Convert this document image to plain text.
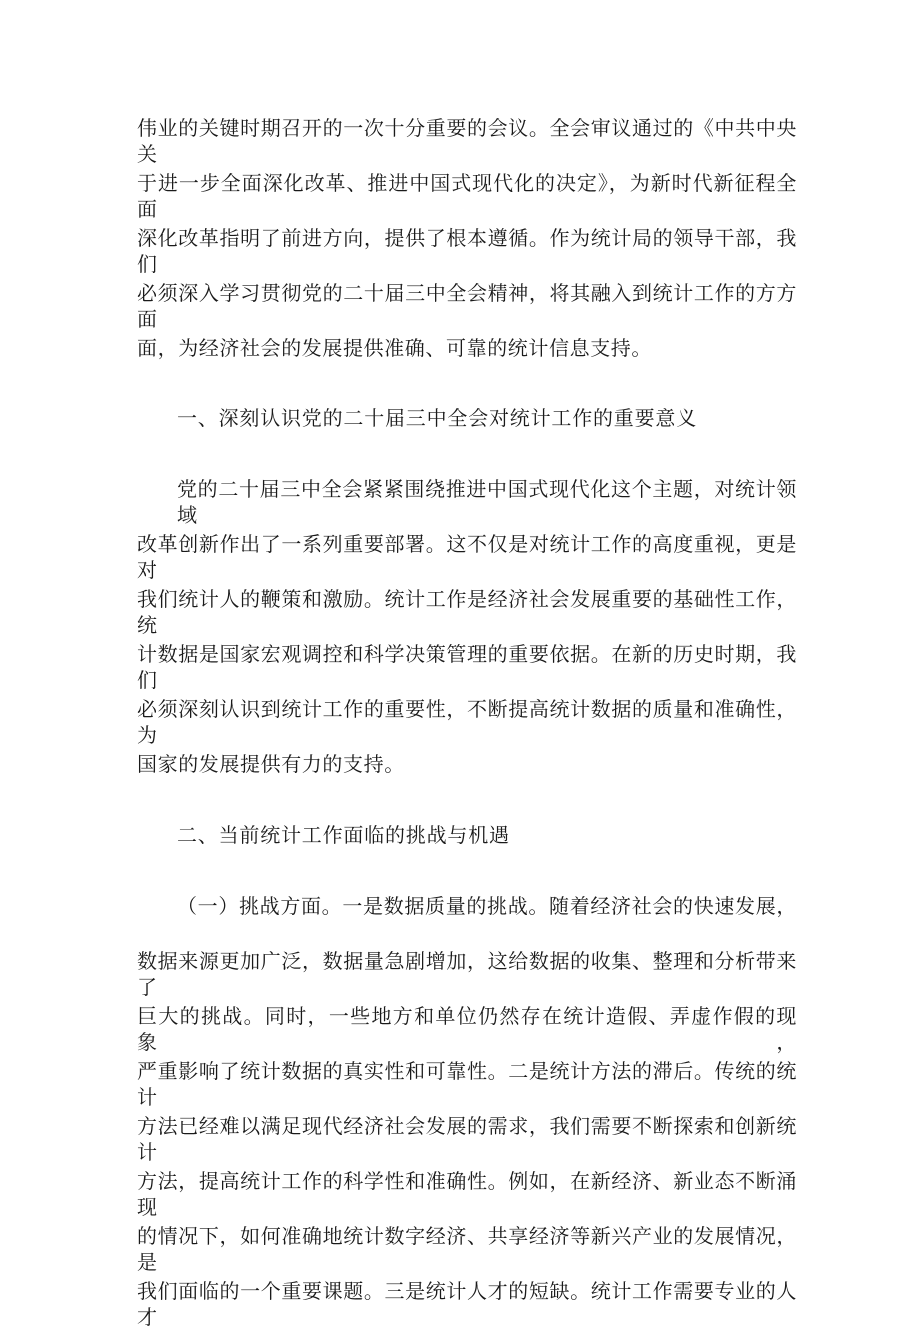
伟业的关键时期召开的一次十分重要的会议。全会审议通过的《中共中央关
于进一步全面深化改革、推进中国式现代化的决定》，为新时代新征程全面
深化改革指明了前进方向，提供了根本遵循。作为统计局的领导干部，我们
必须深入学习贯彻党的二十届三中全会精神，将其融入到统计工作的方方面
面，为经济社会的发展提供准确、可靠的统计信息支持。
一、深刻认识党的二十届三中全会对统计工作的重要意义
党的二十届三中全会紧紧围绕推进中国式现代化这个主题，对统计领域
改革创新作出了一系列重要部署。这不仅是对统计工作的高度重视，更是对
我们统计人的鞭策和激励。统计工作是经济社会发展重要的基础性工作，统
计数据是国家宏观调控和科学决策管理的重要依据。在新的历史时期，我们
必须深刻认识到统计工作的重要性，不断提高统计数据的质量和准确性，为
国家的发展提供有力的支持。
二、当前统计工作面临的挑战与机遇
（一）挑战方面。一是数据质量的挑战。随着经济社会的快速发展，
数据来源更加广泛，数据量急剧增加，这给数据的收集、整理和分析带来了
巨大的挑战。同时，一些地方和单位仍然存在统计造假、弄虚作假的现象，
严重影响了统计数据的真实性和可靠性。二是统计方法的滞后。传统的统计
方法已经难以满足现代经济社会发展的需求，我们需要不断探索和创新统计
方法，提高统计工作的科学性和准确性。例如，在新经济、新业态不断涌现
的情况下，如何准确地统计数字经济、共享经济等新兴产业的发展情况，是
我们面临的一个重要课题。三是统计人才的短缺。统计工作需要专业的人才
